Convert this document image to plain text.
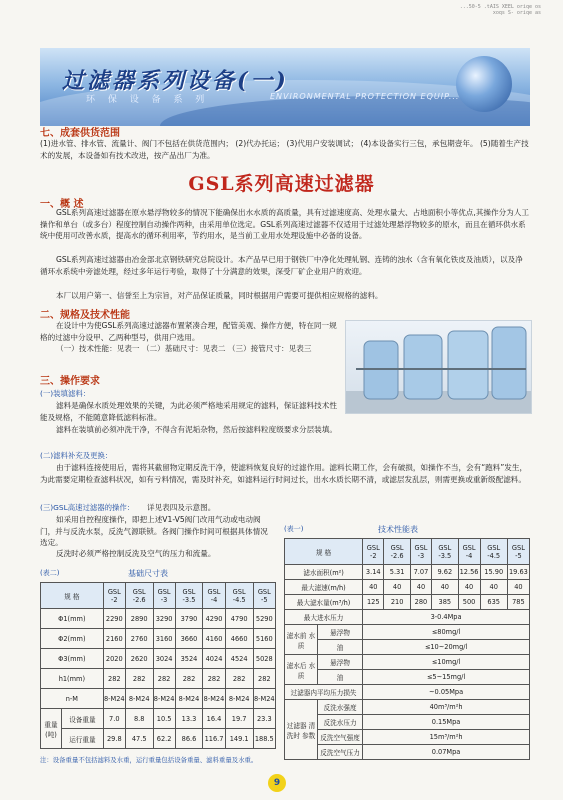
...50-5 .tAIS XEEL oriqe os
xoqs S- oriqe as
过滤器系列设备(一)
环 保 设 备 系 列	ENVIRONMENTAL PROTECTION EQUIP...
七、成套供货范围
(1)进水管、排水管、流量计、阀门不包括在供货范围内； (2)代办托运； (3)代用户安装调试； (4)本设备实行三包，承包期壹年。 (5)随着生产技术的发展，本设备如有技术改进，按产品出厂为准。
GSL系列高速过滤器
一、概 述
GSL系列高速过滤器在原水悬浮物较多的情况下能确保出水水质的高质量，具有过滤速度高、处理水量大、占地面积小等优点,其操作分为人工操作和单台（或多台）程度控制自动操作两种，由采用单位选定。GSL系列高速过滤器不仅适用于过滤处理悬浮物较多的原水，而且在循环供水系统中使用可改善水质，提高水的循环利用率，节约用水，是当前工业用水处理设施中必备的设备。
GSL系列高速过滤器由冶金部北京钢铁研究总院设计。本产品早已用于钢铁厂中净化处理轧钢、连铸的浊水（含有氧化铁皮及油质），以及净循环水系统中旁滤处理，经过多年运行考验，取得了十分满意的效果，深受厂矿企业用户的欢迎。
本厂以用户第一、信誉至上为宗旨，对产品保证质量，同时根据用户需要可提供相应规格的滤料。
二、规格及技术性能
在设计中为使GSL系列高速过滤器布置紧凑合理，配管美观、操作方便，特在同一规格的过滤中分设甲、乙两种型号，供用户选用。
（一）技术性能：见表一 （二）基础尺寸：见表二 （三）接管尺寸：见表三
三、操作要求
(一)装填滤料：
滤料是确保水质处理效果的关键，为此必须严格地采用规定的滤料，保证滤料技术性能及规格，不能随意降低滤料标准。
滤料在装填前必须冲洗干净，不得含有泥垢杂物，然后按滤料粒度级要求分层装填。
(二)滤料补充及更换：
由于滤料连接使用后，需将其截留物定期反洗干净，使滤料恢复良好的过滤作用。滤料长期工作，会有破损，如操作不当，会有“跑料”发生，为此需要定期检查滤料状况，如有亏料情况，需及时补充，如滤料运行时间过长，出水水质长期不清，或滤层发乱层，则需更换或重新级配滤料。
(三)GSL高速过滤器的操作： 详见表四及示意图。
如采用自控程度操作，即把上述V1-V5阀门改用气动或电动阀门，并与反洗水泵，反洗气源联锁。各阀门操作时间可根据具体情况选定。
反洗时必须严格控制反洗及空气的压力和流量。
(表一)	技术性能表
规 格		GSL -2	GSL -2.6	GSL -3	GSL -3.5	GSL -4	GSL -4.5	GSL -5
滤水面积(m²)		3.14	5.31	7.07	9.62	12.56	15.90	19.63
最大滤速(m/h)		40	40	40	40	40	40	40
最大滤水量(m³/h)		125	210	280	385	500	635	785
最大进水压力		3-0.4Mpa						
滤水前 水质	悬浮物	≤80mg/l						
	油	≤10~20mg/l						
滤水后 水质	悬浮物	≤10mg/l						
	油	≤5~15mg/l						
过滤器内平均压力损失		~0.05Mpa						
过滤器 清洗时 参数	反洗水强度	40m³/m²h						
	反洗水压力	0.15Mpa						
	反洗空气强度	15m³/m²h						
	反洗空气压力	0.07Mpa						
(表二)	基础尺寸表
规 格		GSL -2	GSL -2.6	GSL -3	GSL -3.5	GSL -4	GSL -4.5	GSL -5
Φ1(mm)		2290	2890	3290	3790	4290	4790	5290
Φ2(mm)		2160	2760	3160	3660	4160	4660	5160
Φ3(mm)		2020	2620	3024	3524	4024	4524	5028
h1(mm)		282	282	282	282	282	282	282
n-M		8-M24	8-M24	8-M24	8-M24	8-M24	8-M24	8-M24
重量 (吨)	设备重量	7.0	8.8	10.5	13.3	16.4	19.7	23.3
	运行重量	29.8	47.5	62.2	86.6	116.7	149.1	188.5
注：设备重量不包括滤料及水重，运行重量包括设备重量、滤料重量及水重。
9
